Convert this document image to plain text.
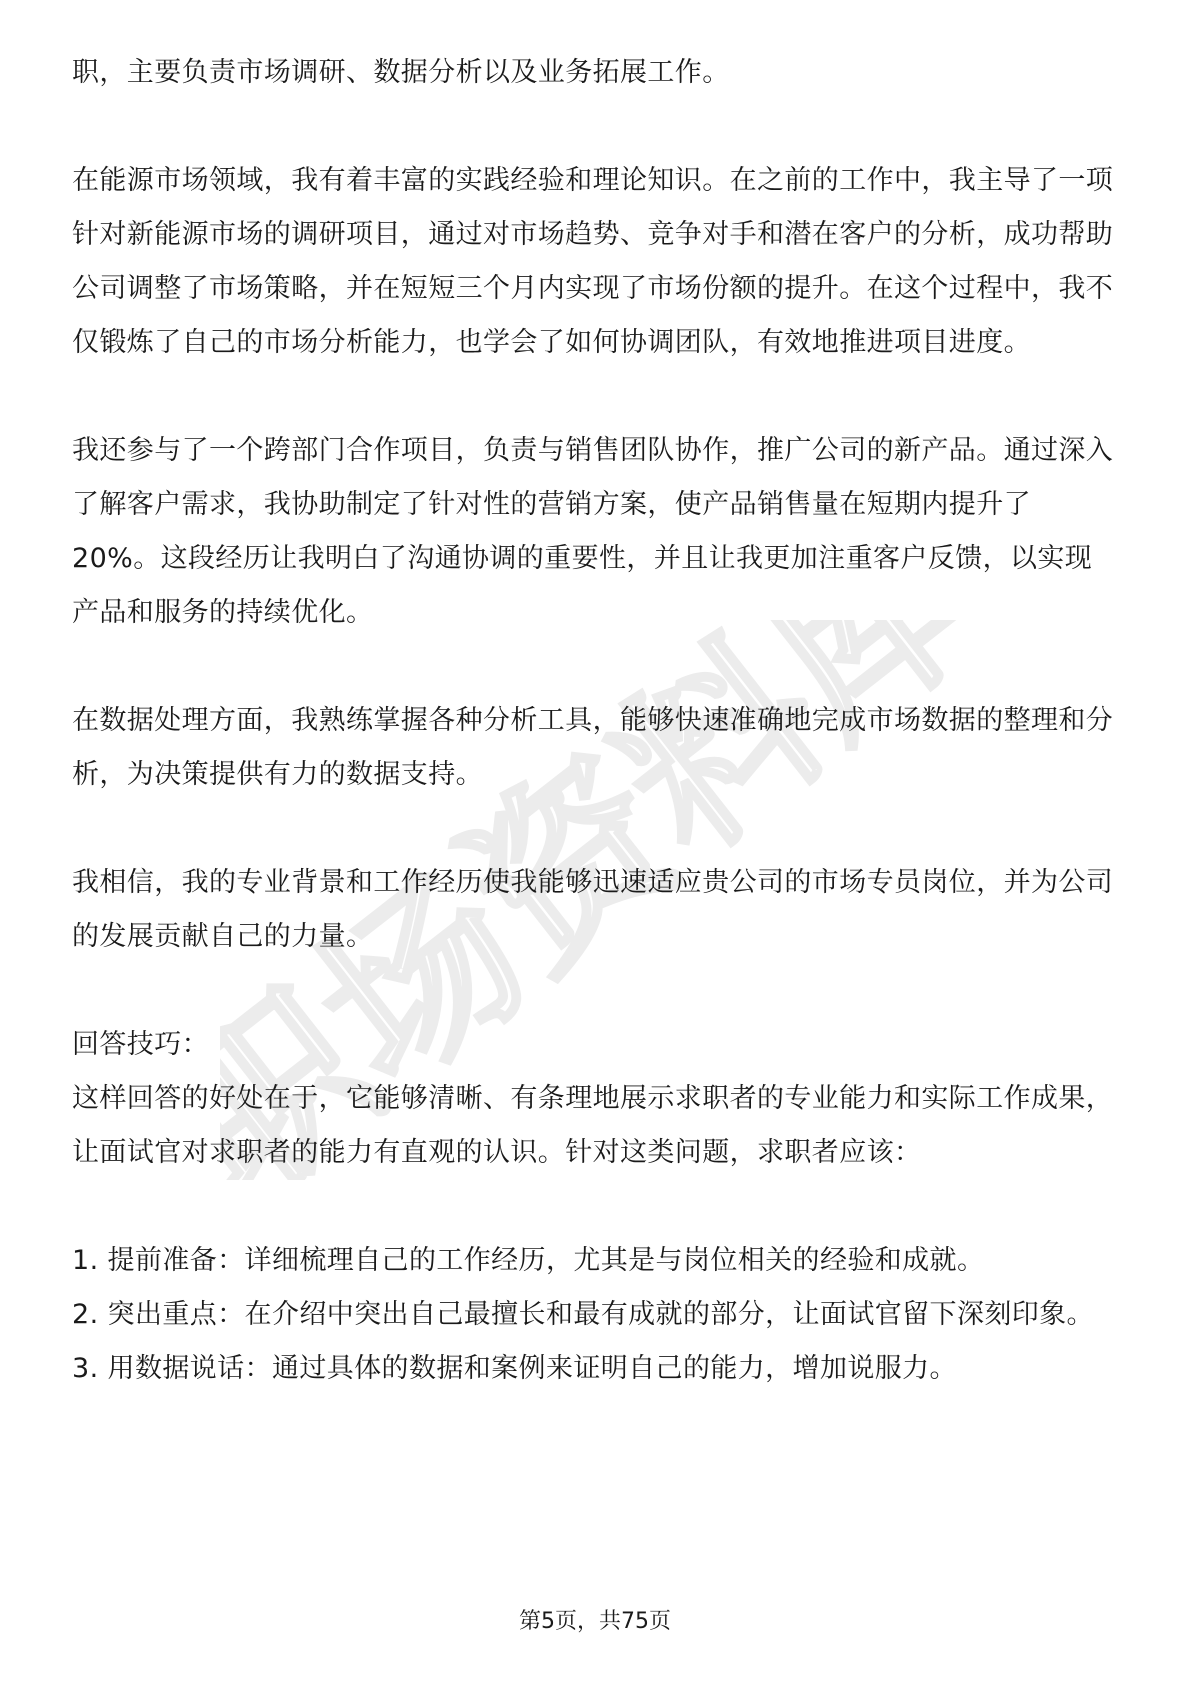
职场资料库

职，主要负责市场调研、数据分析以及业务拓展工作。

在能源市场领域，我有着丰富的实践经验和理论知识。在之前的工作中，我主导了一项针对新能源市场的调研项目，通过对市场趋势、竞争对手和潜在客户的分析，成功帮助公司调整了市场策略，并在短短三个月内实现了市场份额的提升。在这个过程中，我不仅锻炼了自己的市场分析能力，也学会了如何协调团队，有效地推进项目进度。

我还参与了一个跨部门合作项目，负责与销售团队协作，推广公司的新产品。通过深入了解客户需求，我协助制定了针对性的营销方案，使产品销售量在短期内提升了20%。这段经历让我明白了沟通协调的重要性，并且让我更加注重客户反馈，以实现产品和服务的持续优化。

在数据处理方面，我熟练掌握各种分析工具，能够快速准确地完成市场数据的整理和分析，为决策提供有力的数据支持。

我相信，我的专业背景和工作经历使我能够迅速适应贵公司的市场专员岗位，并为公司的发展贡献自己的力量。

回答技巧：

这样回答的好处在于，它能够清晰、有条理地展示求职者的专业能力和实际工作成果，让面试官对求职者的能力有直观的认识。针对这类问题，求职者应该：

1. 提前准备：详细梳理自己的工作经历，尤其是与岗位相关的经验和成就。

2. 突出重点：在介绍中突出自己最擅长和最有成就的部分，让面试官留下深刻印象。

3. 用数据说话：通过具体的数据和案例来证明自己的能力，增加说服力。

第5页，共75页
